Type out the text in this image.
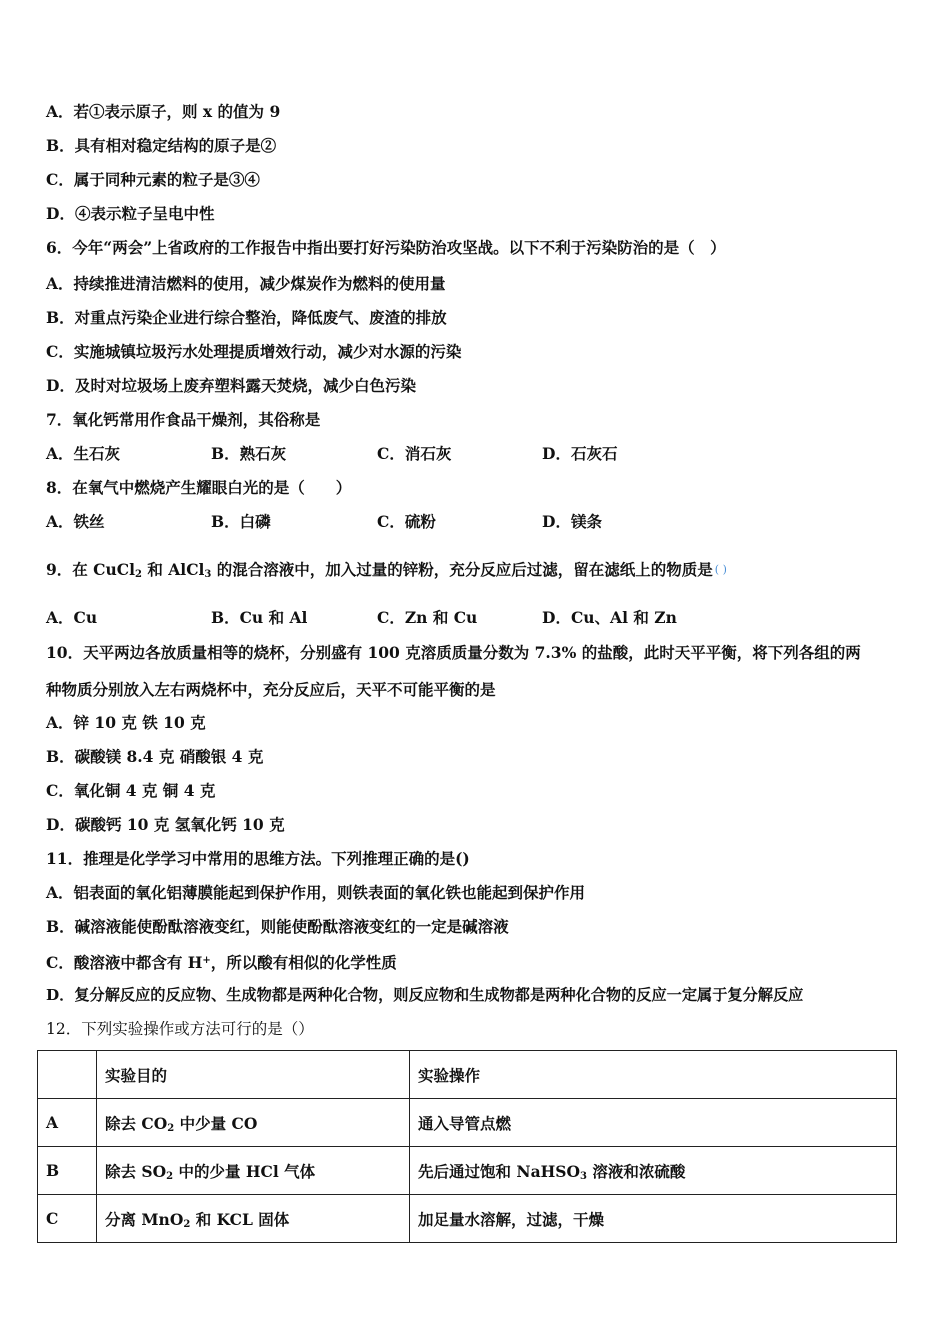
A．若①表示原子，则 x 的值为 9
B．具有相对稳定结构的原子是②
C．属于同种元素的粒子是③④
D．④表示粒子呈电中性
6．今年“两会”上省政府的工作报告中指出要打好污染防治攻坚战。以下不利于污染防治的是（　）
A．持续推进清洁燃料的使用，减少煤炭作为燃料的使用量
B．对重点污染企业进行综合整治，降低废气、废渣的排放
C．实施城镇垃圾污水处理提质增效行动，减少对水源的污染
D．及时对垃圾场上废弃塑料露天焚烧，减少白色污染
7．氧化钙常用作食品干燥剂，其俗称是
A．生石灰	B．熟石灰	C．消石灰	D．石灰石
8．在氧气中燃烧产生耀眼白光的是（　　）
A．铁丝	B．白磷	C．硫粉	D．镁条
9．在 CuCl$_2$ 和 AlCl$_3$ 的混合溶液中，加入过量的锌粉，充分反应后过滤，留在滤纸上的物质是 ( )
A．Cu	B．Cu 和 Al	C．Zn 和 Cu	D．Cu、Al 和 Zn
10．天平两边各放质量相等的烧杯，分别盛有 100 克溶质质量分数为 7.3% 的盐酸，此时天平平衡，将下列各组的两
种物质分别放入左右两烧杯中，充分反应后，天平不可能平衡的是
A．锌 10 克 铁 10 克
B．碳酸镁 8.4 克 硝酸银 4 克
C．氧化铜 4 克 铜 4 克
D．碳酸钙 10 克 氢氧化钙 10 克
11．推理是化学学习中常用的思维方法。下列推理正确的是()
A．铝表面的氧化铝薄膜能起到保护作用，则铁表面的氧化铁也能起到保护作用
B．碱溶液能使酚酞溶液变红，则能使酚酞溶液变红的一定是碱溶液
C．酸溶液中都含有 H+，所以酸有相似的化学性质
D．复分解反应的反应物、生成物都是两种化合物，则反应物和生成物都是两种化合物的反应一定属于复分解反应
12．下列实验操作或方法可行的是（）
	实验目的	实验操作
A	除去 $CO_2$ 中少量 CO	通入导管点燃
B	除去 $SO_2$ 中的少量 HCl 气体	先后通过饱和 NaHSO$_3$ 溶液和浓硫酸
C	分离 MnO$_2$ 和 KCL 固体	加足量水溶解，过滤，干燥
